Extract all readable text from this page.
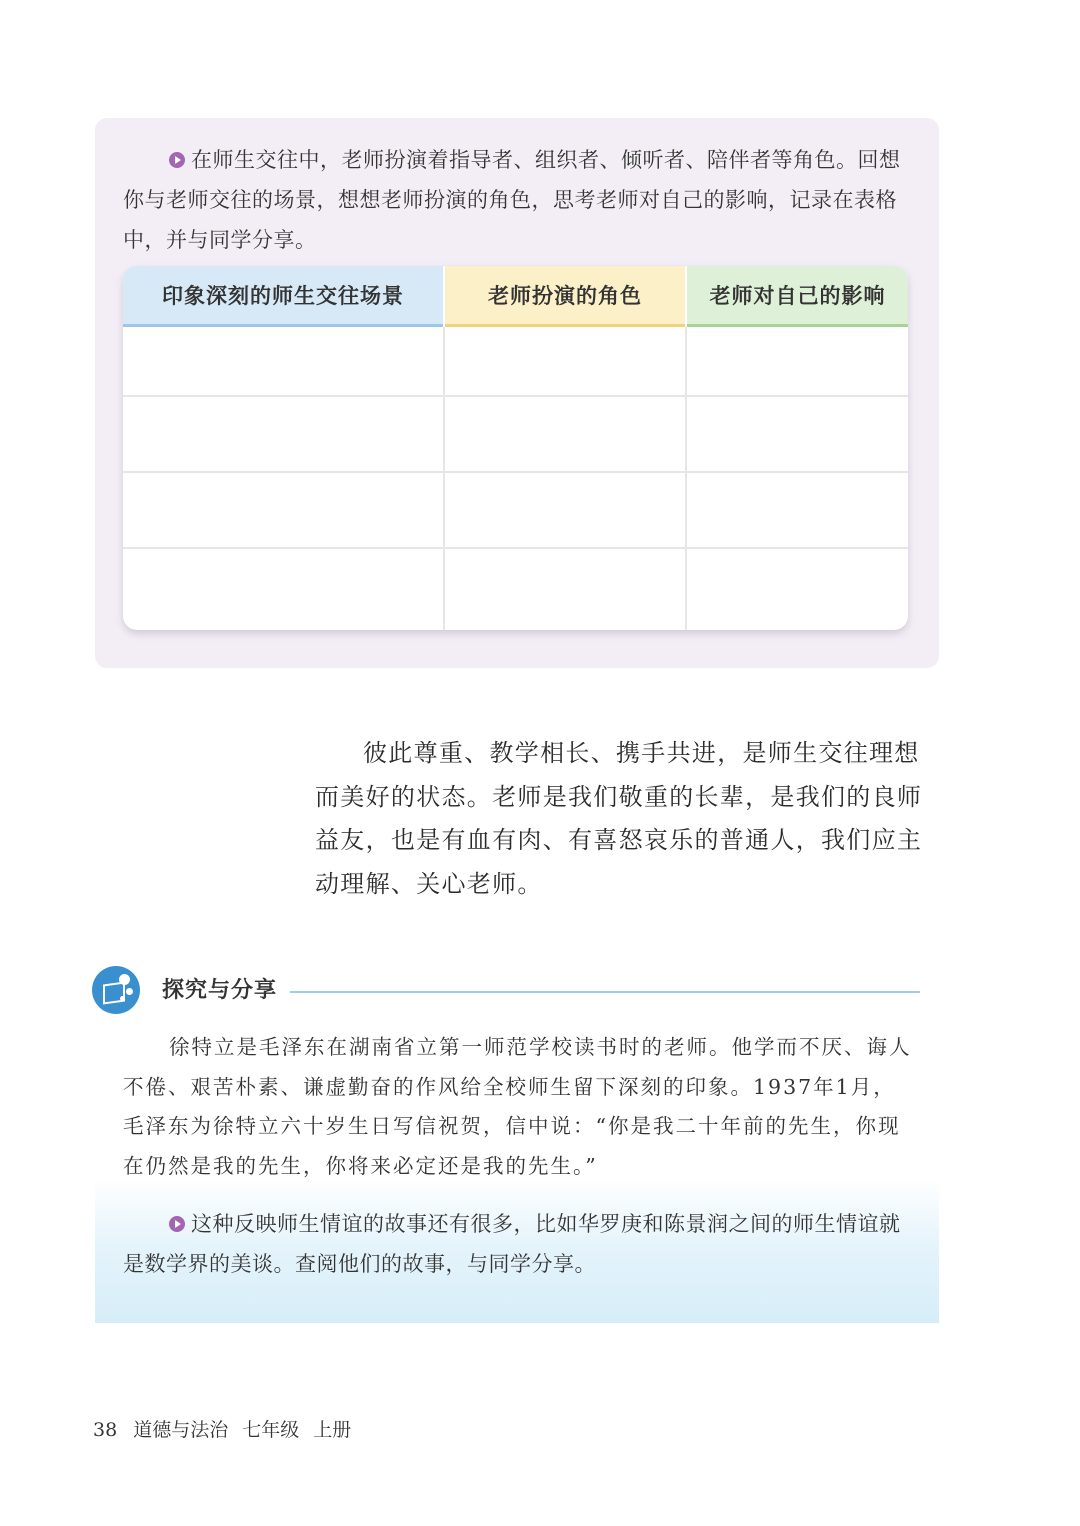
在师生交往中，老师扮演着指导者、组织者、倾听者、陪伴者等角色。回想你与老师交往的场景，想想老师扮演的角色，思考老师对自己的影响，记录在表格中，并与同学分享。
印象深刻的师生交往场景	老师扮演的角色	老师对自己的影响
彼此尊重、教学相长、携手共进，是师生交往理想而美好的状态。老师是我们敬重的长辈，是我们的良师益友，也是有血有肉、有喜怒哀乐的普通人，我们应主动理解、关心老师。
探究与分享
徐特立是毛泽东在湖南省立第一师范学校读书时的老师。他学而不厌、诲人不倦、艰苦朴素、谦虚勤奋的作风给全校师生留下深刻的印象。1937年1月，毛泽东为徐特立六十岁生日写信祝贺，信中说：“你是我二十年前的先生，你现在仍然是我的先生，你将来必定还是我的先生。”
这种反映师生情谊的故事还有很多，比如华罗庚和陈景润之间的师生情谊就是数学界的美谈。查阅他们的故事，与同学分享。
38 道德与法治 七年级 上册
